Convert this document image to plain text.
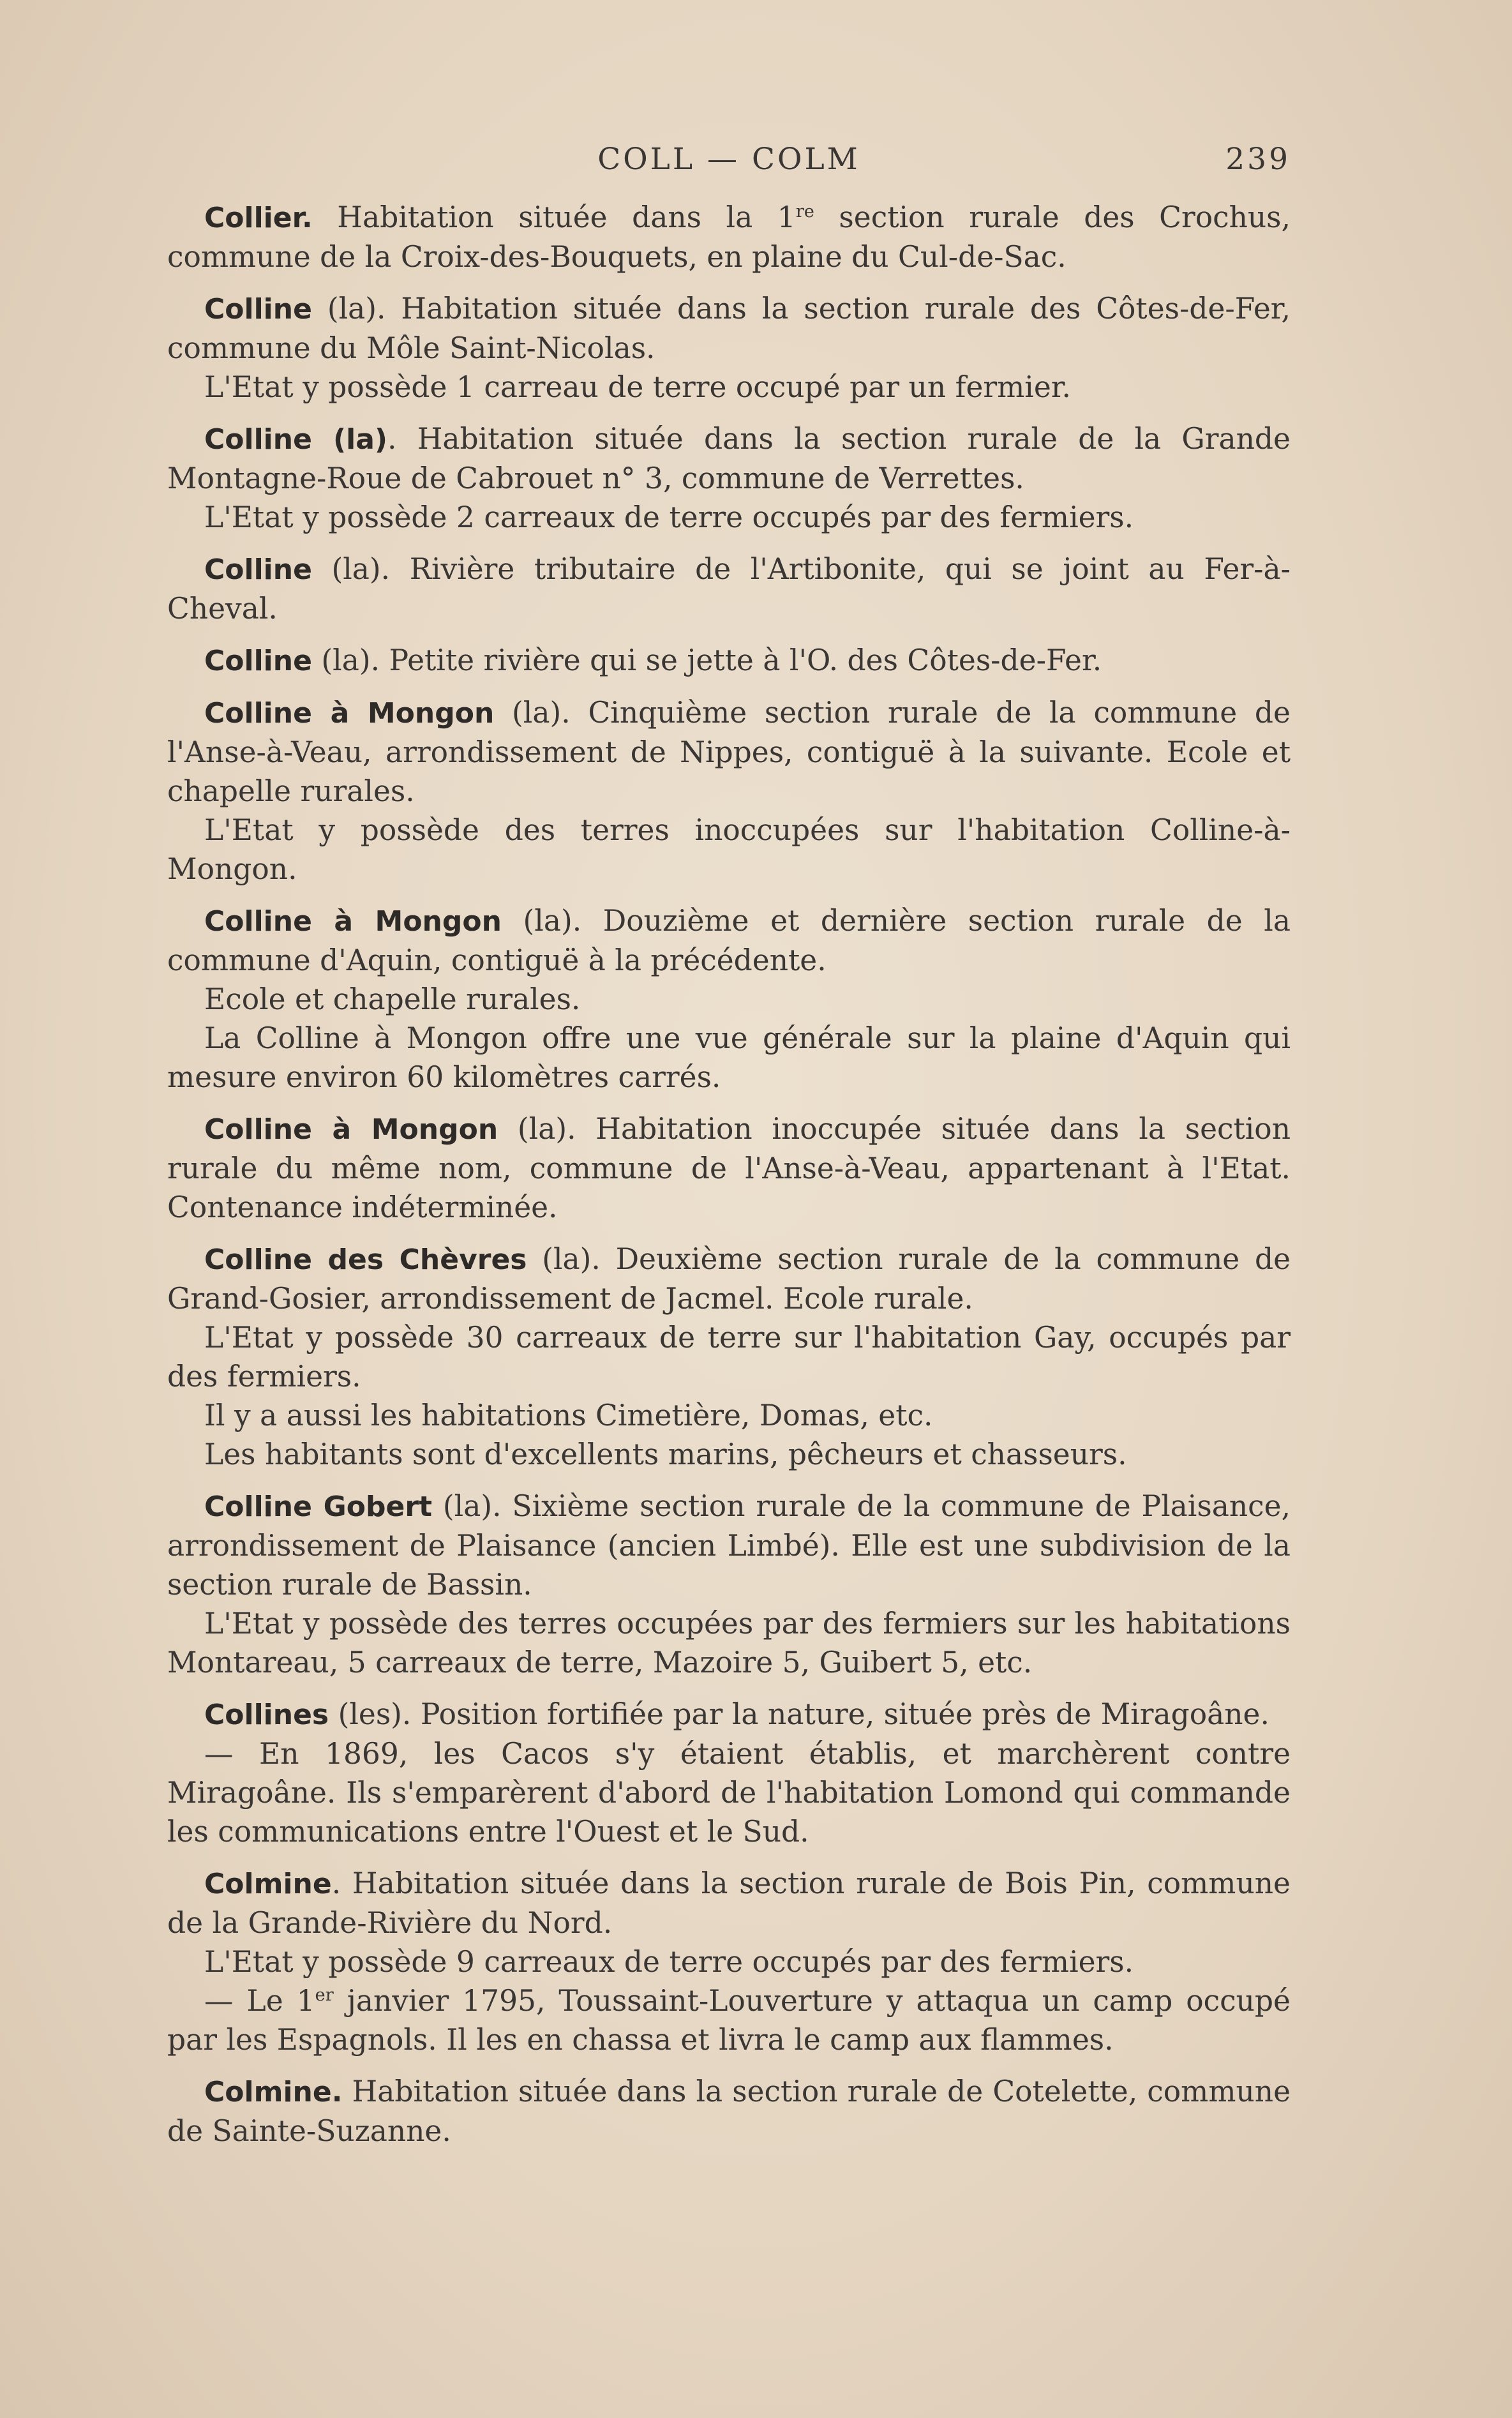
COLL — COLM	239

Collier. Habitation située dans la 1re section rurale des Crochus, commune de la Croix-des-Bouquets, en plaine du Cul-de-Sac.

Colline (la). Habitation située dans la section rurale des Côtes-de-Fer, commune du Môle Saint-Nicolas.

L'Etat y possède 1 carreau de terre occupé par un fermier.

Colline (la). Habitation située dans la section rurale de la Grande Montagne-Roue de Cabrouet n° 3, commune de Verrettes.

L'Etat y possède 2 carreaux de terre occupés par des fermiers.

Colline (la). Rivière tributaire de l'Artibonite, qui se joint au Fer-à-Cheval.

Colline (la). Petite rivière qui se jette à l'O. des Côtes-de-Fer.

Colline à Mongon (la). Cinquième section rurale de la commune de l'Anse-à-Veau, arrondissement de Nippes, contiguë à la suivante. Ecole et chapelle rurales.

L'Etat y possède des terres inoccupées sur l'habitation Colline-à-Mongon.

Colline à Mongon (la). Douzième et dernière section rurale de la commune d'Aquin, contiguë à la précédente.

Ecole et chapelle rurales.

La Colline à Mongon offre une vue générale sur la plaine d'Aquin qui mesure environ 60 kilomètres carrés.

Colline à Mongon (la). Habitation inoccupée située dans la section rurale du même nom, commune de l'Anse-à-Veau, appartenant à l'Etat. Contenance indéterminée.

Colline des Chèvres (la). Deuxième section rurale de la commune de Grand-Gosier, arrondissement de Jacmel. Ecole rurale.

L'Etat y possède 30 carreaux de terre sur l'habitation Gay, occupés par des fermiers.

Il y a aussi les habitations Cimetière, Domas, etc.

Les habitants sont d'excellents marins, pêcheurs et chasseurs.

Colline Gobert (la). Sixième section rurale de la commune de Plaisance, arrondissement de Plaisance (ancien Limbé). Elle est une subdivision de la section rurale de Bassin.

L'Etat y possède des terres occupées par des fermiers sur les habitations Montareau, 5 carreaux de terre, Mazoire 5, Guibert 5, etc.

Collines (les). Position fortifiée par la nature, située près de Miragoâne.

— En 1869, les Cacos s'y étaient établis, et marchèrent contre Miragoâne. Ils s'emparèrent d'abord de l'habitation Lomond qui commande les communications entre l'Ouest et le Sud.

Colmine. Habitation située dans la section rurale de Bois Pin, commune de la Grande-Rivière du Nord.

L'Etat y possède 9 carreaux de terre occupés par des fermiers.

— Le 1er janvier 1795, Toussaint-Louverture y attaqua un camp occupé par les Espagnols. Il les en chassa et livra le camp aux flammes.

Colmine. Habitation située dans la section rurale de Cotelette, commune de Sainte-Suzanne.
